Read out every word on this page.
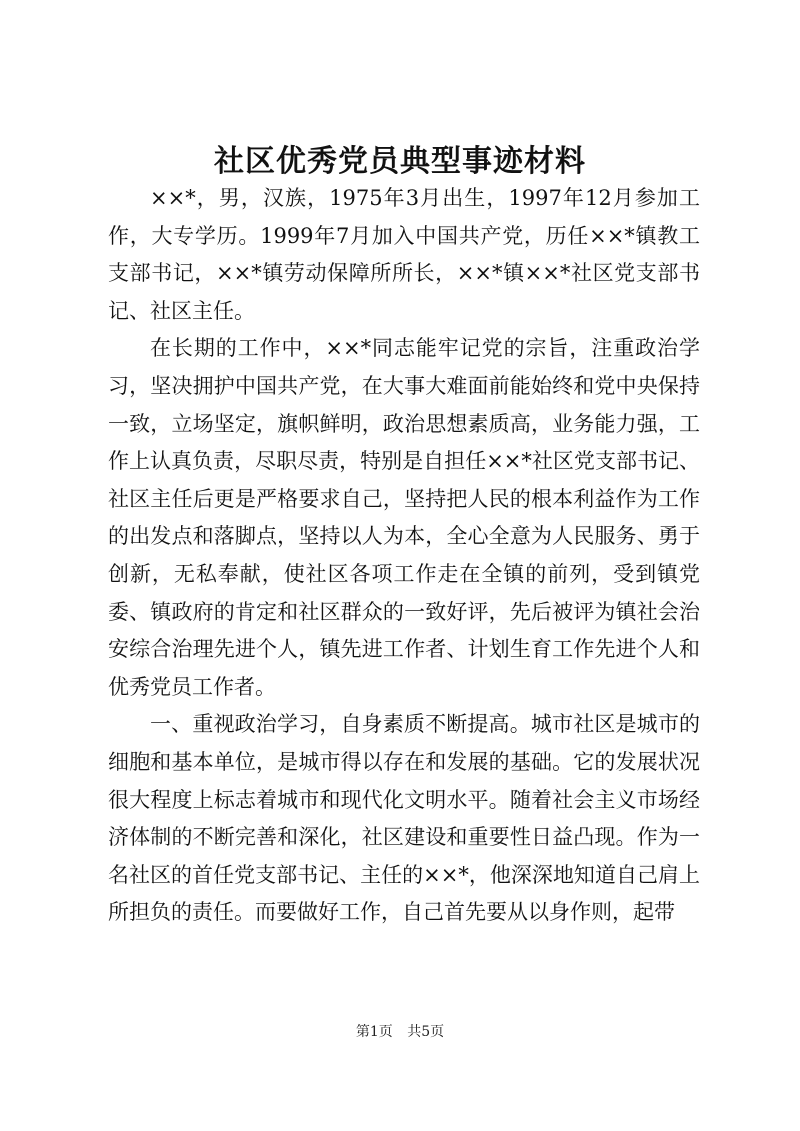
社区优秀党员典型事迹材料

××*，男，汉族，1975年3月出生，1997年12月参加工作，大专学历。1999年7月加入中国共产党，历任××*镇教工支部书记，××*镇劳动保障所所长，××*镇××*社区党支部书记、社区主任。

在长期的工作中，××*同志能牢记党的宗旨，注重政治学习，坚决拥护中国共产党，在大事大难面前能始终和党中央保持一致，立场坚定，旗帜鲜明，政治思想素质高，业务能力强，工作上认真负责，尽职尽责，特别是自担任××*社区党支部书记、社区主任后更是严格要求自己，坚持把人民的根本利益作为工作的出发点和落脚点，坚持以人为本，全心全意为人民服务、勇于创新，无私奉献，使社区各项工作走在全镇的前列，受到镇党委、镇政府的肯定和社区群众的一致好评，先后被评为镇社会治安综合治理先进个人，镇先进工作者、计划生育工作先进个人和优秀党员工作者。

一、重视政治学习，自身素质不断提高。城市社区是城市的细胞和基本单位，是城市得以存在和发展的基础。它的发展状况很大程度上标志着城市和现代化文明水平。随着社会主义市场经济体制的不断完善和深化，社区建设和重要性日益凸现。作为一名社区的首任党支部书记、主任的××*，他深深地知道自己肩上所担负的责任。而要做好工作，自己首先要从以身作则，起带

第1页 共5页
